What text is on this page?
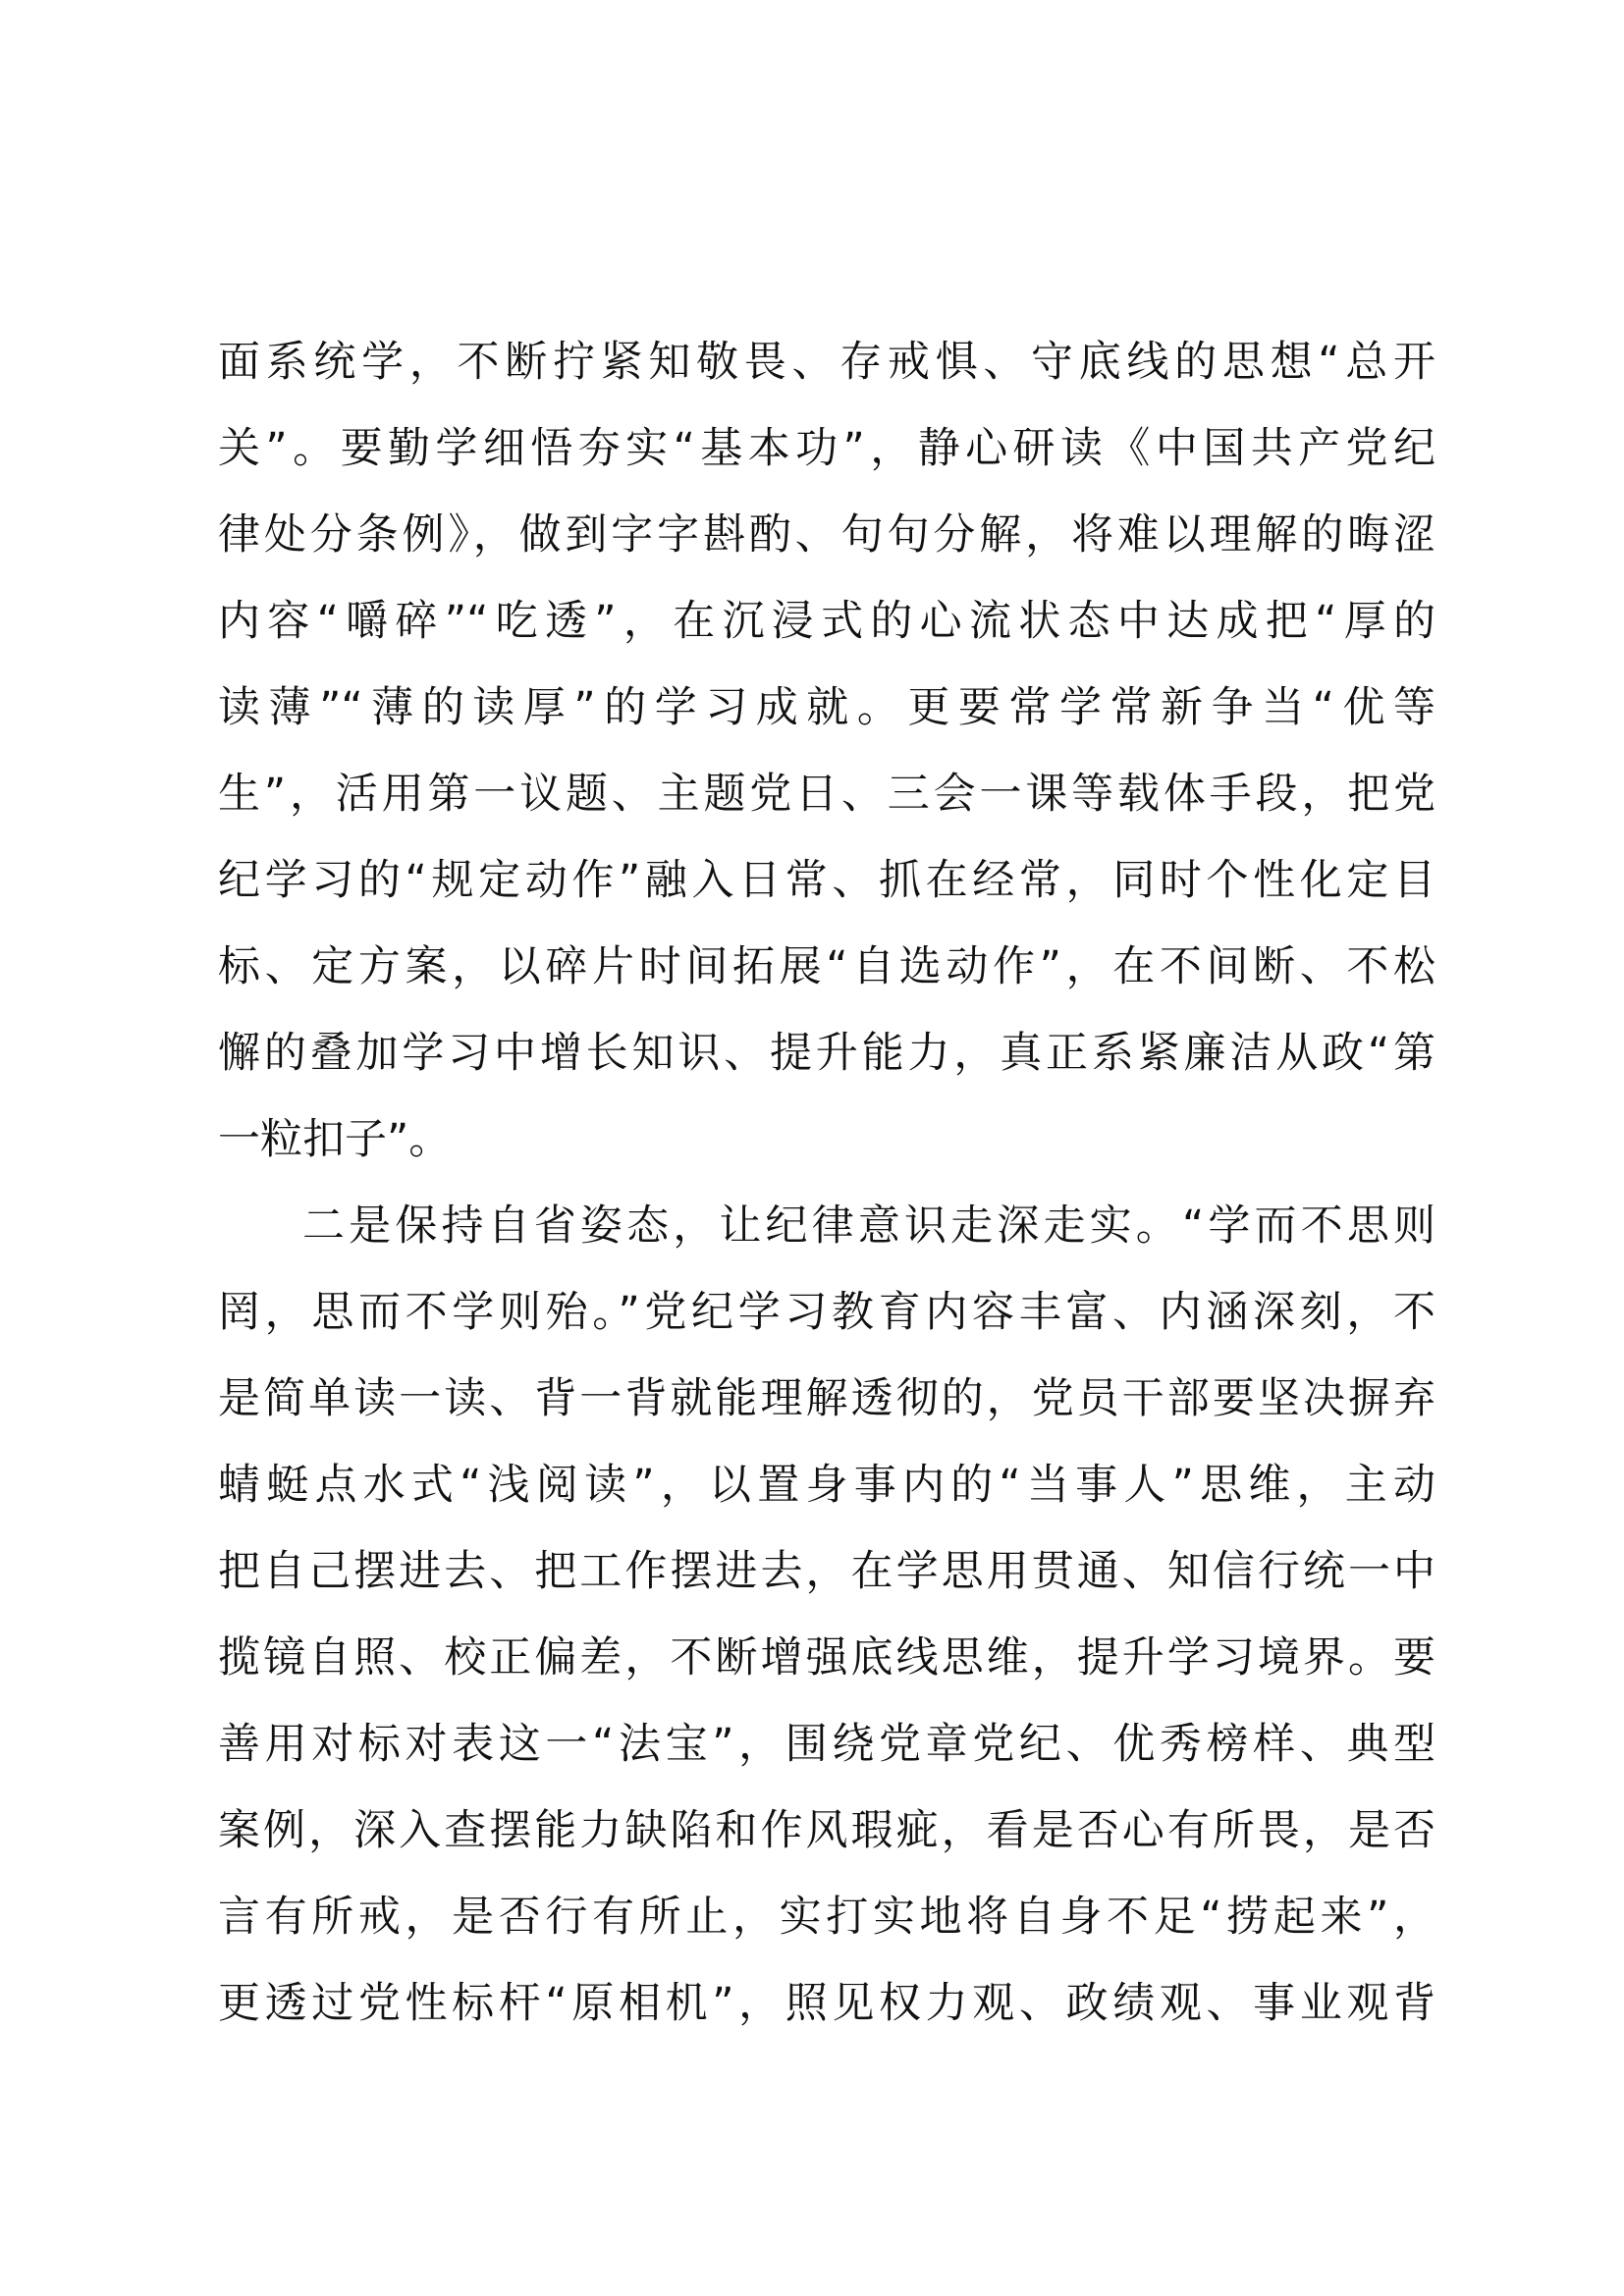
面系统学，不断拧紧知敬畏、存戒惧、守底线的思想“总开
关”。要勤学细悟夯实“基本功”，静心研读《中国共产党纪
律处分条例》，做到字字斟酌、句句分解，将难以理解的晦涩
内容“嚼碎”“吃透”，在沉浸式的心流状态中达成把“厚的
读薄”“薄的读厚”的学习成就。更要常学常新争当“优等
生”，活用第一议题、主题党日、三会一课等载体手段，把党
纪学习的“规定动作”融入日常、抓在经常，同时个性化定目
标、定方案，以碎片时间拓展“自选动作”，在不间断、不松
懈的叠加学习中增长知识、提升能力，真正系紧廉洁从政“第
一粒扣子”。
二是保持自省姿态，让纪律意识走深走实。“学而不思则
罔，思而不学则殆。”党纪学习教育内容丰富、内涵深刻，不
是简单读一读、背一背就能理解透彻的，党员干部要坚决摒弃
蜻蜓点水式“浅阅读”，以置身事内的“当事人”思维，主动
把自己摆进去、把工作摆进去，在学思用贯通、知信行统一中
揽镜自照、校正偏差，不断增强底线思维，提升学习境界。要
善用对标对表这一“法宝”，围绕党章党纪、优秀榜样、典型
案例，深入查摆能力缺陷和作风瑕疵，看是否心有所畏，是否
言有所戒，是否行有所止，实打实地将自身不足“捞起来”，
更透过党性标杆“原相机”，照见权力观、政绩观、事业观背
